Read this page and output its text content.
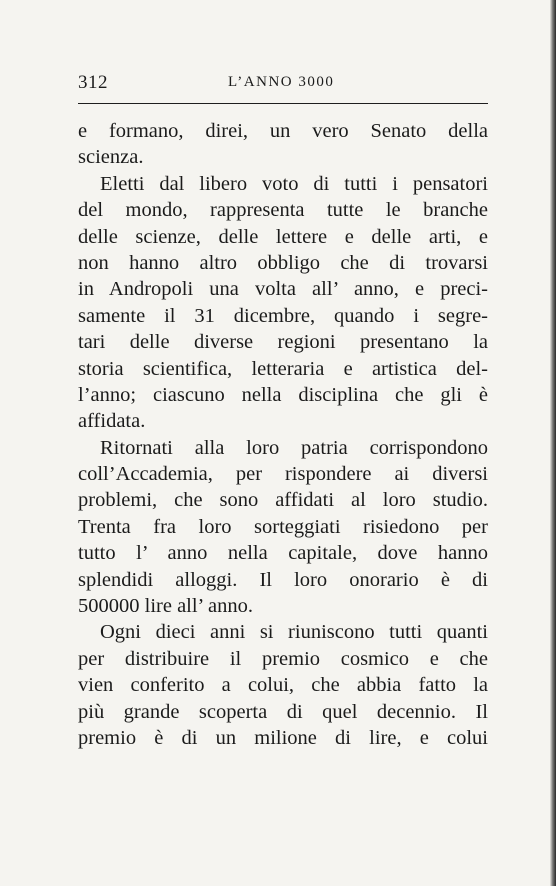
312	L’ANNO 3000
e formano, direi, un vero Senato della
scienza.
Eletti dal libero voto di tutti i pensatori
del mondo, rappresenta tutte le branche
delle scienze, delle lettere e delle arti, e
non hanno altro obbligo che di trovarsi
in Andropoli una volta all’ anno, e preci-
samente il 31 dicembre, quando i segre-
tari delle diverse regioni presentano la
storia scientifica, letteraria e artistica del-
l’anno; ciascuno nella disciplina che gli è
affidata.
Ritornati alla loro patria corrispondono
coll’Accademia, per rispondere ai diversi
problemi, che sono affidati al loro studio.
Trenta fra loro sorteggiati risiedono per
tutto l’ anno nella capitale, dove hanno
splendidi alloggi. Il loro onorario è di
500000 lire all’ anno.
Ogni dieci anni si riuniscono tutti quanti
per distribuire il premio cosmico e che
vien conferito a colui, che abbia fatto la
più grande scoperta di quel decennio. Il
premio è di un milione di lire, e colui
